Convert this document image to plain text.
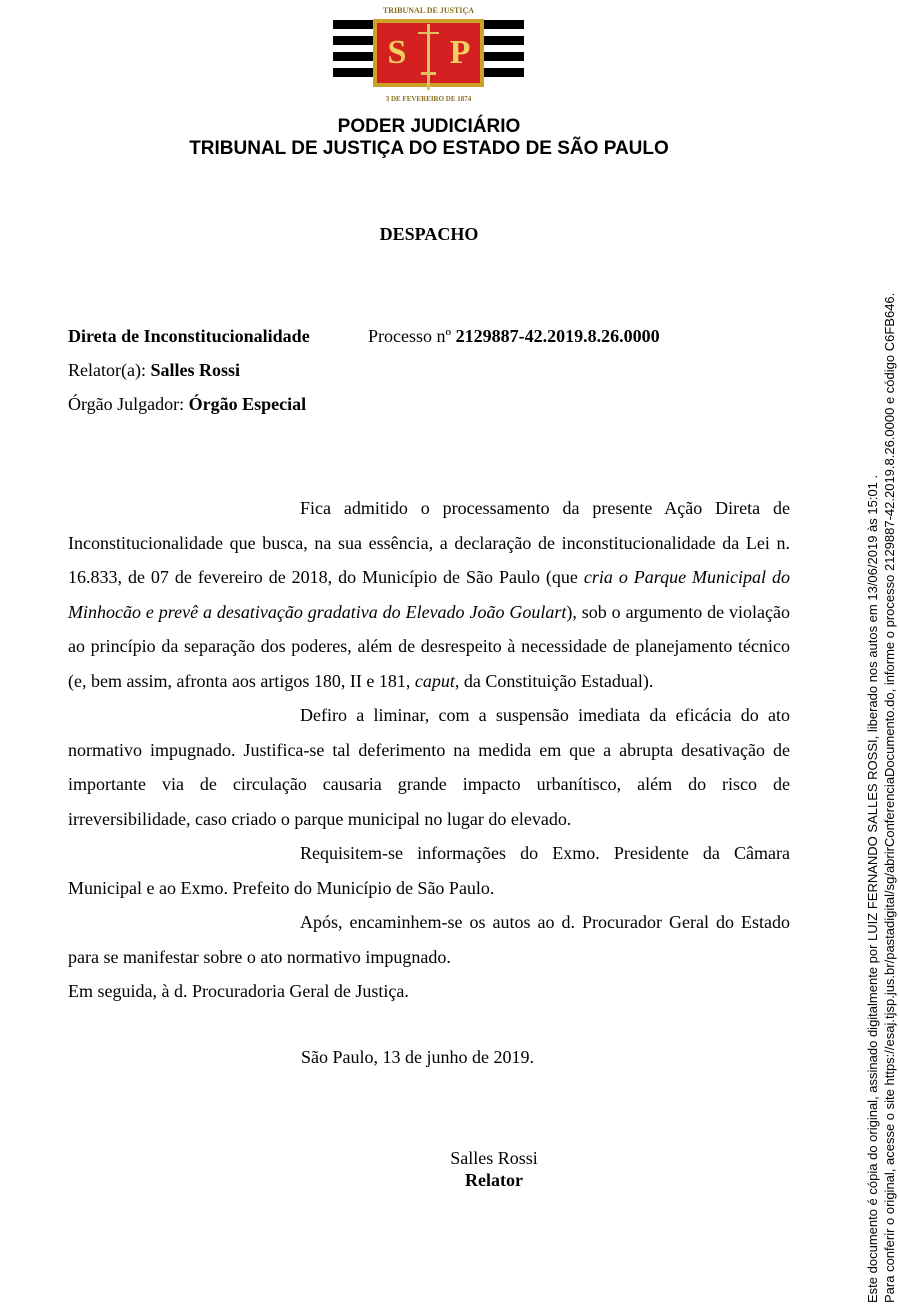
S P
TRIBUNAL DE JUSTIÇA
3 DE FEVEREIRO DE 1874
PODER JUDICIÁRIO
TRIBUNAL DE JUSTIÇA DO ESTADO DE SÃO PAULO
DESPACHO
Direta de Inconstitucionalidade	Processo nº 2129887-42.2019.8.26.0000
Relator(a): Salles Rossi
Órgão Julgador: Órgão Especial

Fica admitido o processamento da presente Ação Direta de Inconstitucionalidade que busca, na sua essência, a declaração de inconstitucionalidade da Lei n. 16.833, de 07 de fevereiro de 2018, do Município de São Paulo (que cria o Parque Municipal do Minhocão e prevê a desativação gradativa do Elevado João Goulart), sob o argumento de violação ao princípio da separação dos poderes, além de desrespeito à necessidade de planejamento técnico (e, bem assim, afronta aos artigos 180, II e 181, caput, da Constituição Estadual).

Defiro a liminar, com a suspensão imediata da eficácia do ato normativo impugnado. Justifica-se tal deferimento na medida em que a abrupta desativação de importante via de circulação causaria grande impacto urbanítisco, além do risco de irreversibilidade, caso criado o parque municipal no lugar do elevado.

Requisitem-se informações do Exmo. Presidente da Câmara Municipal e ao Exmo. Prefeito do Município de São Paulo.

Após, encaminhem-se os autos ao d. Procurador Geral do Estado para se manifestar sobre o ato normativo impugnado.

Em seguida, à d. Procuradoria Geral de Justiça.

São Paulo, 13 de junho de 2019.
Salles Rossi
Relator	Este documento é cópia do original, assinado digitalmente por LUIZ FERNANDO SALLES ROSSI, liberado nos autos em 13/06/2019 às 15:01 . Para conferir o original, acesse o site https://esaj.tjsp.jus.br/pastadigital/sg/abrirConferenciaDocumento.do, informe o processo 2129887-42.2019.8.26.0000 e código C6FB646.
